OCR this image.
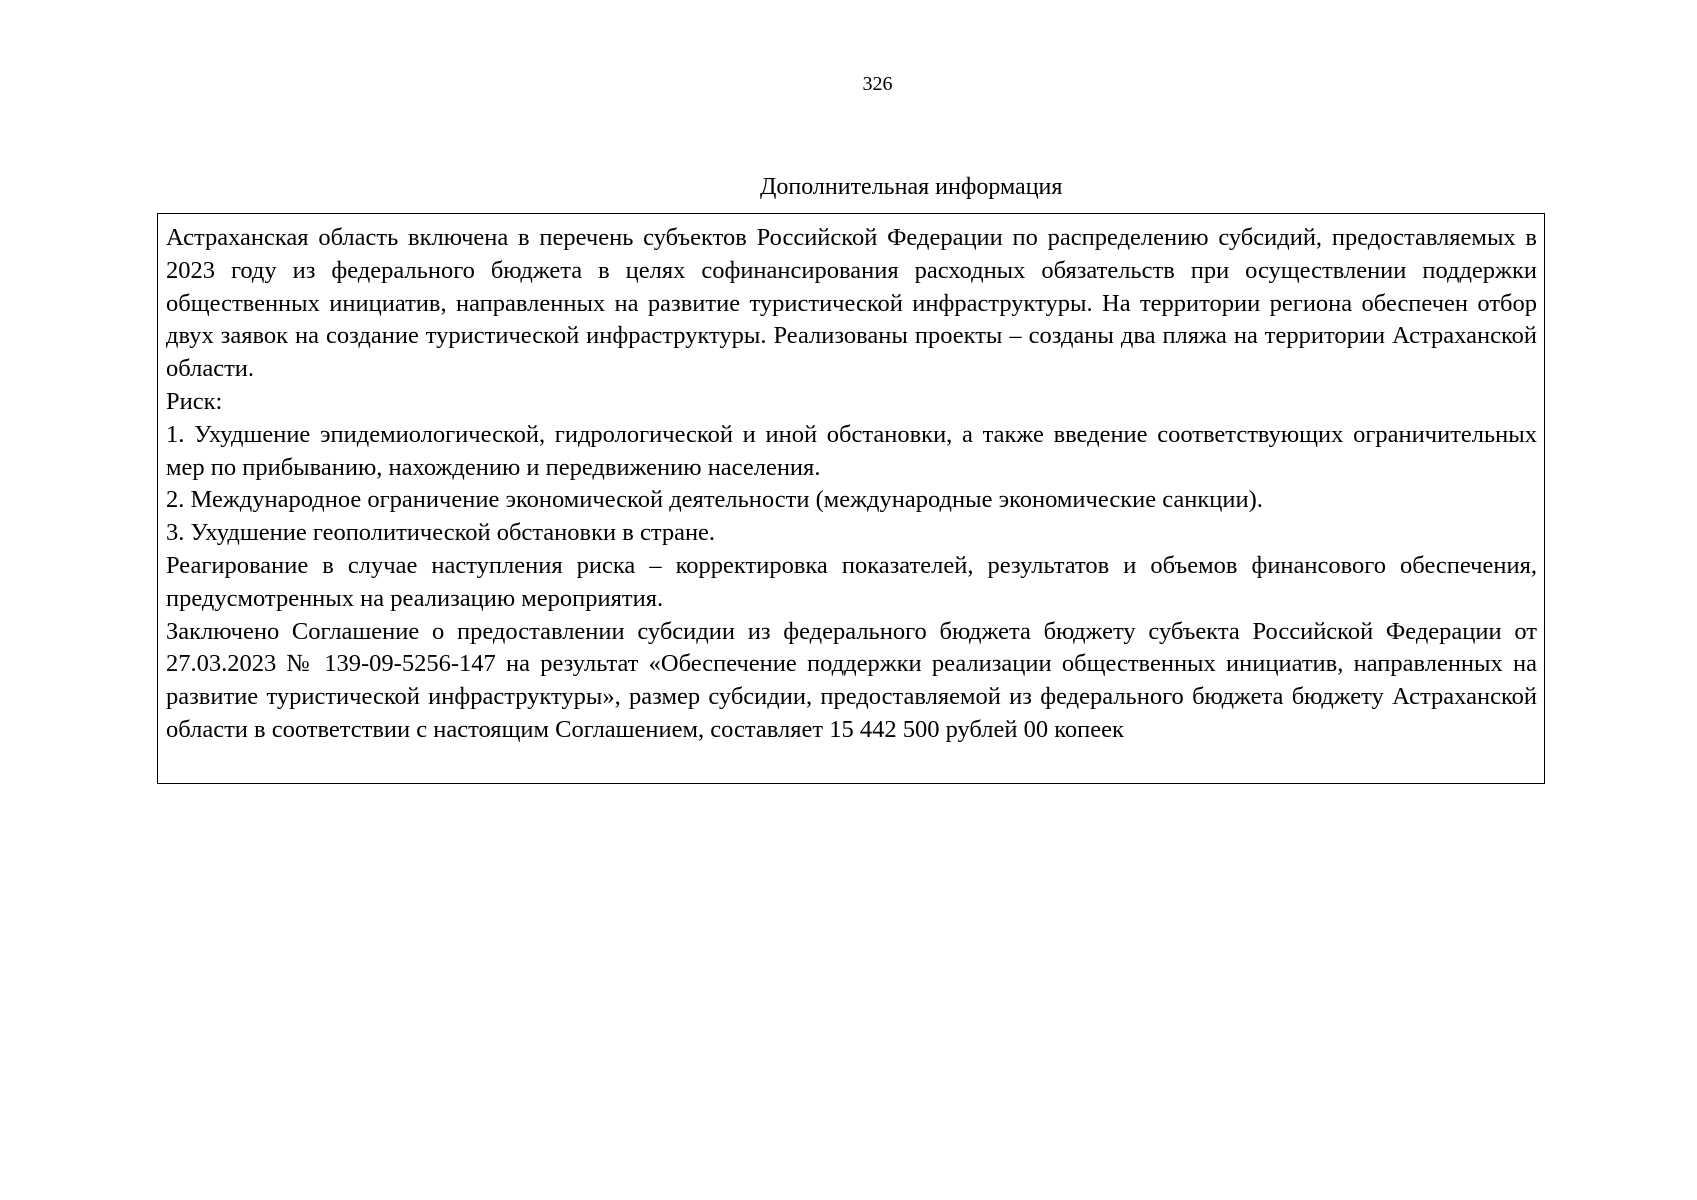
326
Дополнительная информация

Астраханская область включена в перечень субъектов Российской Федерации по распределению субсидий, предоставляемых в 2023 году из федерального бюджета в целях софинансирования расходных обязательств при осуществлении поддержки общественных инициатив, направленных на развитие туристической инфраструктуры. На территории региона обеспечен отбор двух заявок на создание туристической инфраструктуры. Реализованы проекты – созданы два пляжа на территории Астраханской области.

Риск:

1. Ухудшение эпидемиологической, гидрологической и иной обстановки, а также введение соответствующих ограничительных мер по прибыванию, нахождению и передвижению населения.

2. Международное ограничение экономической деятельности (международные экономические санкции).

3. Ухудшение геополитической обстановки в стране.

Реагирование в случае наступления риска – корректировка показателей, результатов и объемов финансового обеспечения, предусмотренных на реализацию мероприятия.

Заключено Соглашение о предоставлении субсидии из федерального бюджета бюджету субъекта Российской Федерации от 27.03.2023 № 139-09-5256-147 на результат «Обеспечение поддержки реализации общественных инициатив, направленных на развитие туристической инфраструктуры», размер субсидии, предоставляемой из федерального бюджета бюджету Астраханской области в соответствии с настоящим Соглашением, составляет 15 442 500 рублей 00 копеек
